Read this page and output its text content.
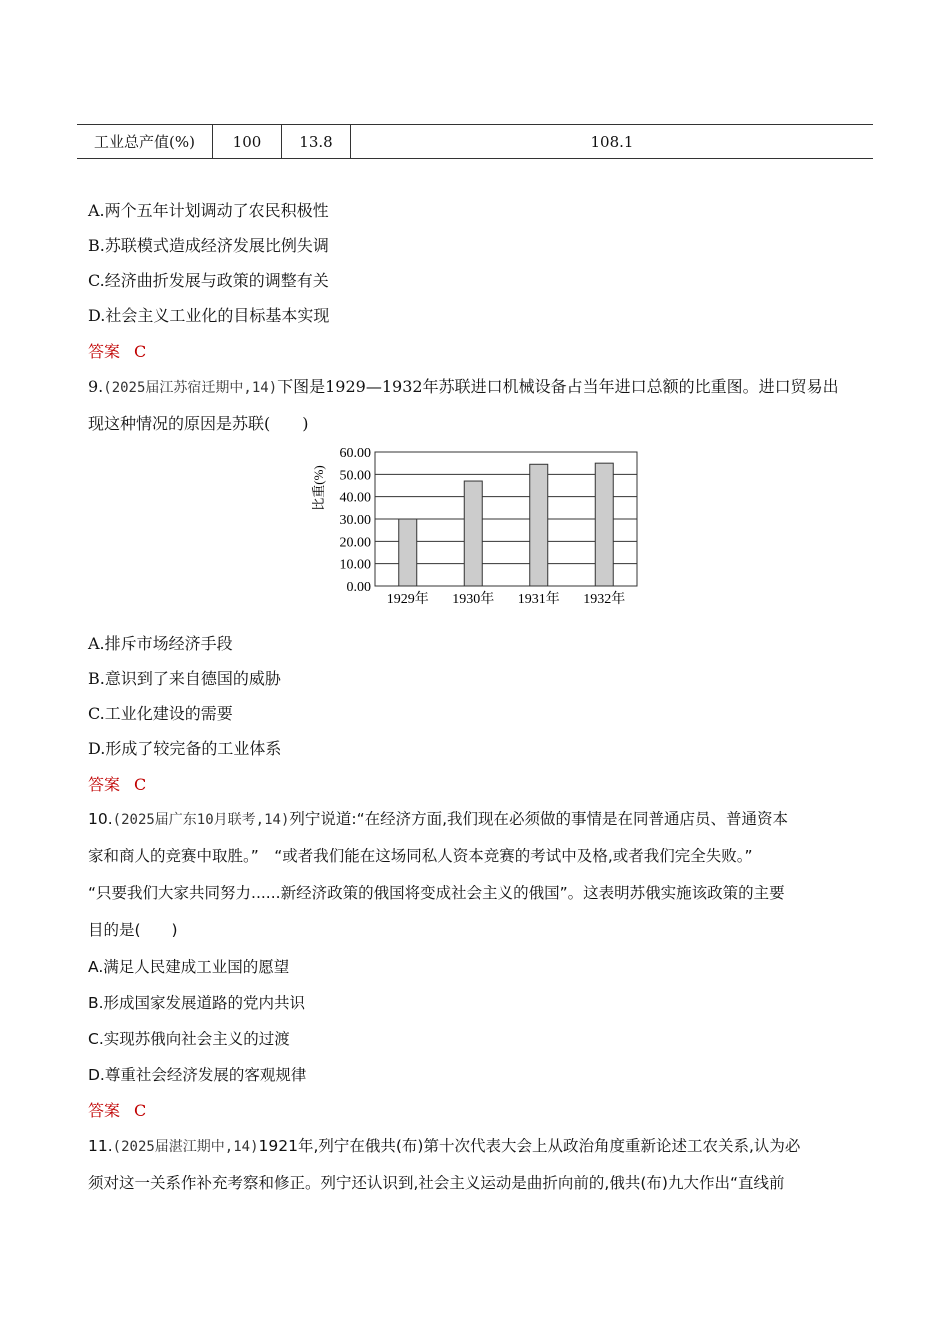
工业总产值(%)	100	13.8	108.1
A.两个五年计划调动了农民积极性
B.苏联模式造成经济发展比例失调
C.经济曲折发展与政策的调整有关
D.社会主义工业化的目标基本实现
答案 C
9.(2025届江苏宿迁期中,14)下图是1929—1932年苏联进口机械设备占当年进口总额的比重图。进口贸易出
现这种情况的原因是苏联(　　)
0.00
10.00
20.00
30.00
40.00
50.00
60.00
1929年 1930年 1931年 1932年
比重(%)
A.排斥市场经济手段
B.意识到了来自德国的威胁
C.工业化建设的需要
D.形成了较完备的工业体系
答案 C
10.(2025届广东10月联考,14)列宁说道:“在经济方面,我们现在必须做的事情是在同普通店员、普通资本
家和商人的竞赛中取胜。”　“或者我们能在这场同私人资本竞赛的考试中及格,或者我们完全失败。”
“只要我们大家共同努力......新经济政策的俄国将变成社会主义的俄国”。这表明苏俄实施该政策的主要
目的是(　　)
A.满足人民建成工业国的愿望
B.形成国家发展道路的党内共识
C.实现苏俄向社会主义的过渡
D.尊重社会经济发展的客观规律
答案 C
11.(2025届湛江期中,14)1921年,列宁在俄共(布)第十次代表大会上从政治角度重新论述工农关系,认为必
须对这一关系作补充考察和修正。列宁还认识到,社会主义运动是曲折向前的,俄共(布)九大作出“直线前
